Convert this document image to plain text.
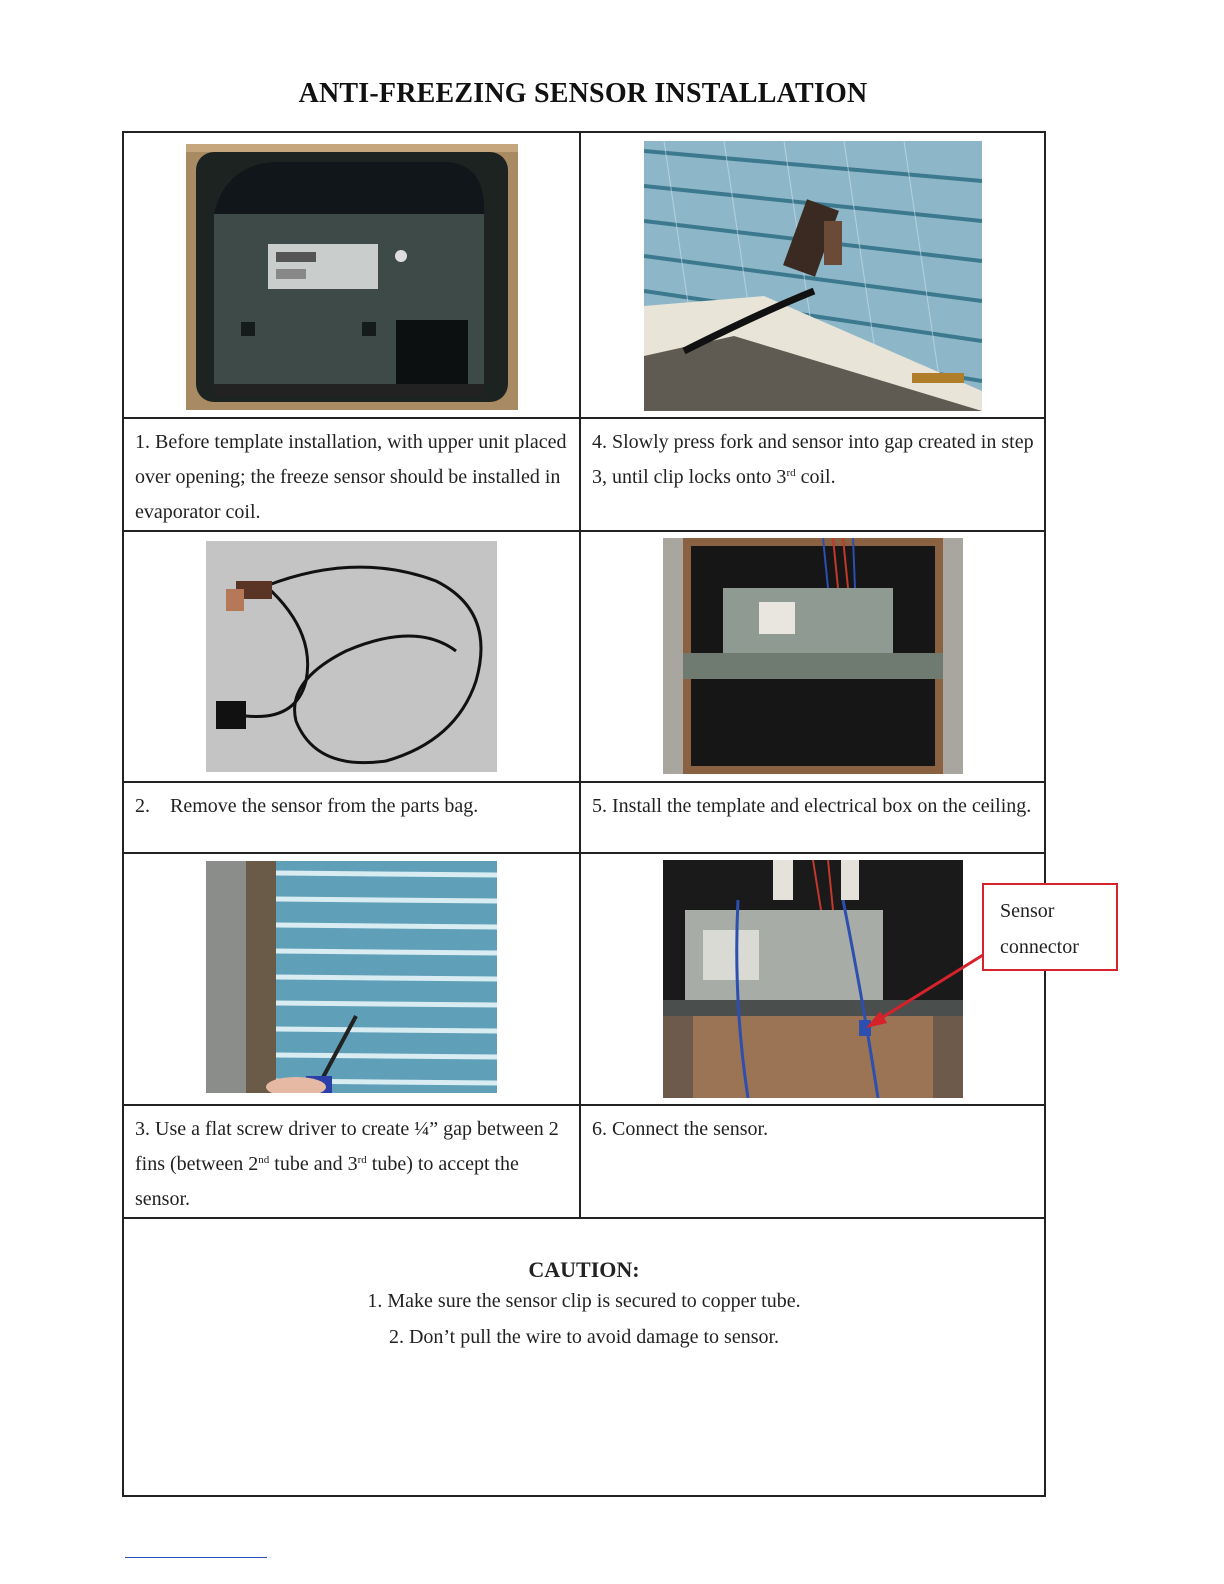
ANTI-FREEZING SENSOR INSTALLATION

1. Before template installation, with upper unit placed over opening; the freeze sensor should be installed in evaporator coil.	4. Slowly press fork and sensor into gap created in step 3, until clip locks onto 3rd coil.

2.    Remove the sensor from the parts bag.	5. Install the template and electrical box on the ceiling.

3. Use a flat screw driver to create ¼” gap between 2 fins (between 2nd tube and 3rd tube) to accept the sensor.	6. Connect the sensor.

CAUTION:
1. Make sure the sensor clip is secured to copper tube.
2. Don’t pull the wire to avoid damage to sensor.	
Sensor
connector
